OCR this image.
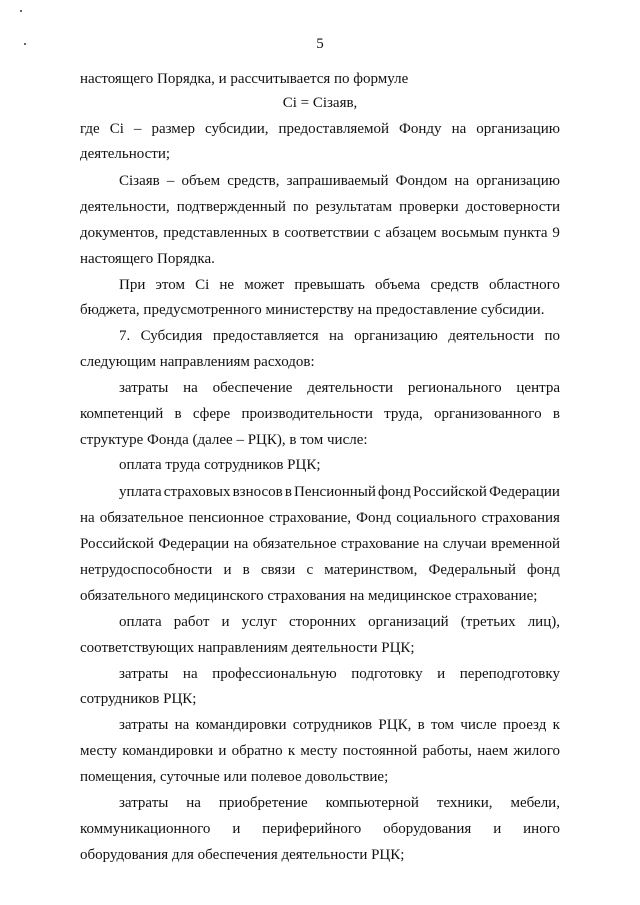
5
Ci = Ciзаяв,
настоящего Порядка, и рассчитывается по формуле
где Ci – размер субсидии, предоставляемой Фонду на организацию
деятельности;
Ciзаяв – объем средств, запрашиваемый Фондом на организацию
деятельности, подтвержденный по результатам проверки достоверности
документов, представленных в соответствии с абзацем восьмым пункта 9
настоящего Порядка.
При этом Ci не может превышать объема средств областного
бюджета, предусмотренного министерству на предоставление субсидии.
7. Субсидия предоставляется на организацию деятельности по
следующим направлениям расходов:
затраты на обеспечение деятельности регионального центра
компетенций в сфере производительности труда, организованного в
структуре Фонда (далее – РЦК), в том числе:
оплата труда сотрудников РЦК;
уплата страховых взносов в Пенсионный фонд Российской Федерации
на обязательное пенсионное страхование, Фонд социального страхования
Российской Федерации на обязательное страхование на случаи временной
нетрудоспособности и в связи с материнством, Федеральный фонд
обязательного медицинского страхования на медицинское страхование;
оплата работ и услуг сторонних организаций (третьих лиц),
соответствующих направлениям деятельности РЦК;
затраты на профессиональную подготовку и переподготовку
сотрудников РЦК;
затраты на командировки сотрудников РЦК, в том числе проезд к
месту командировки и обратно к месту постоянной работы, наем жилого
помещения, суточные или полевое довольствие;
затраты на приобретение компьютерной техники, мебели,
коммуникационного и периферийного оборудования и иного
оборудования для обеспечения деятельности РЦК;
